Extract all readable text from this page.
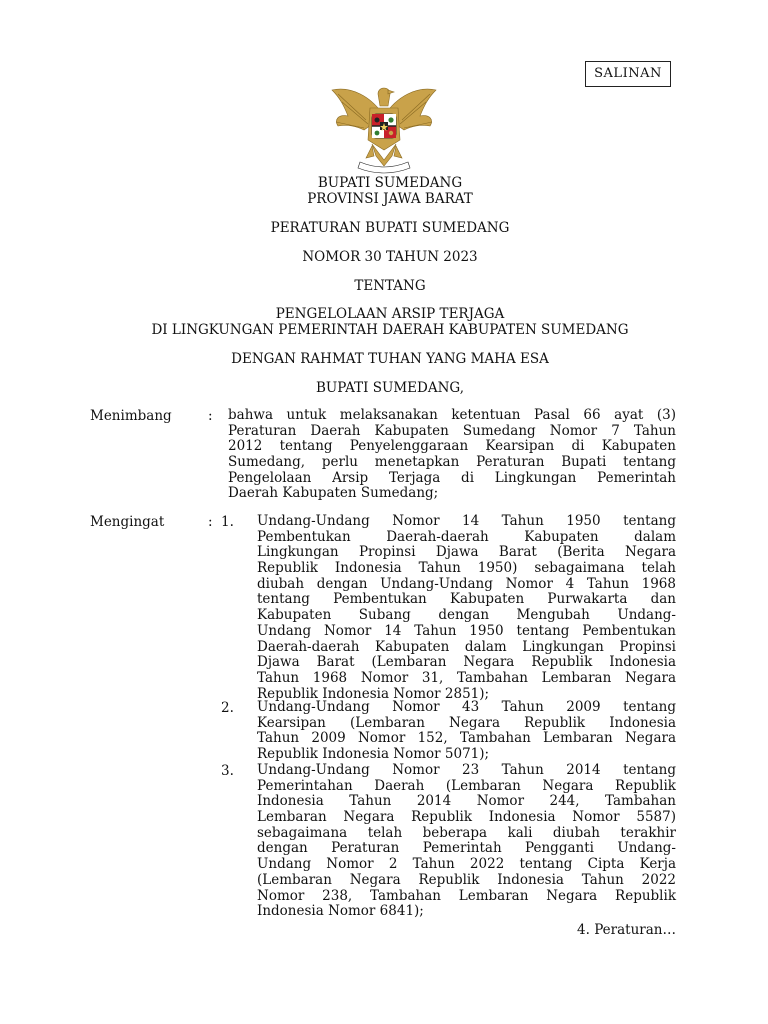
SALINAN
BUPATI SUMEDANG
PROVINSI JAWA BARAT
PERATURAN BUPATI SUMEDANG
NOMOR 30 TAHUN 2023
TENTANG
PENGELOLAAN ARSIP TERJAGA
DI LINGKUNGAN PEMERINTAH DAERAH KABUPATEN SUMEDANG
DENGAN RAHMAT TUHAN YANG MAHA ESA
BUPATI SUMEDANG,
Menimbang	: bahwa untuk melaksanakan ketentuan Pasal 66 ayat (3)
Peraturan Daerah Kabupaten Sumedang Nomor 7 Tahun
2012 tentang Penyelenggaraan Kearsipan di Kabupaten
Sumedang, perlu menetapkan Peraturan Bupati tentang
Pengelolaan Arsip Terjaga di Lingkungan Pemerintah
Daerah Kabupaten Sumedang;
Mengingat	: 1.	Undang-Undang Nomor 14 Tahun 1950 tentang
Pembentukan Daerah-daerah Kabupaten dalam
Lingkungan Propinsi Djawa Barat (Berita Negara
Republik Indonesia Tahun 1950) sebagaimana telah
diubah dengan Undang-Undang Nomor 4 Tahun 1968
tentang Pembentukan Kabupaten Purwakarta dan
Kabupaten Subang dengan Mengubah Undang-
Undang Nomor 14 Tahun 1950 tentang Pembentukan
Daerah-daerah Kabupaten dalam Lingkungan Propinsi
Djawa Barat (Lembaran Negara Republik Indonesia
Tahun 1968 Nomor 31, Tambahan Lembaran Negara
Republik Indonesia Nomor 2851);
2.	Undang-Undang Nomor 43 Tahun 2009 tentang
Kearsipan (Lembaran Negara Republik Indonesia
Tahun 2009 Nomor 152, Tambahan Lembaran Negara
Republik Indonesia Nomor 5071);
3.	Undang-Undang Nomor 23 Tahun 2014 tentang
Pemerintahan Daerah (Lembaran Negara Republik
Indonesia Tahun 2014 Nomor 244, Tambahan
Lembaran Negara Republik Indonesia Nomor 5587)
sebagaimana telah beberapa kali diubah terakhir
dengan Peraturan Pemerintah Pengganti Undang-
Undang Nomor 2 Tahun 2022 tentang Cipta Kerja
(Lembaran Negara Republik Indonesia Tahun 2022
Nomor 238, Tambahan Lembaran Negara Republik
Indonesia Nomor 6841);
4. Peraturan…
